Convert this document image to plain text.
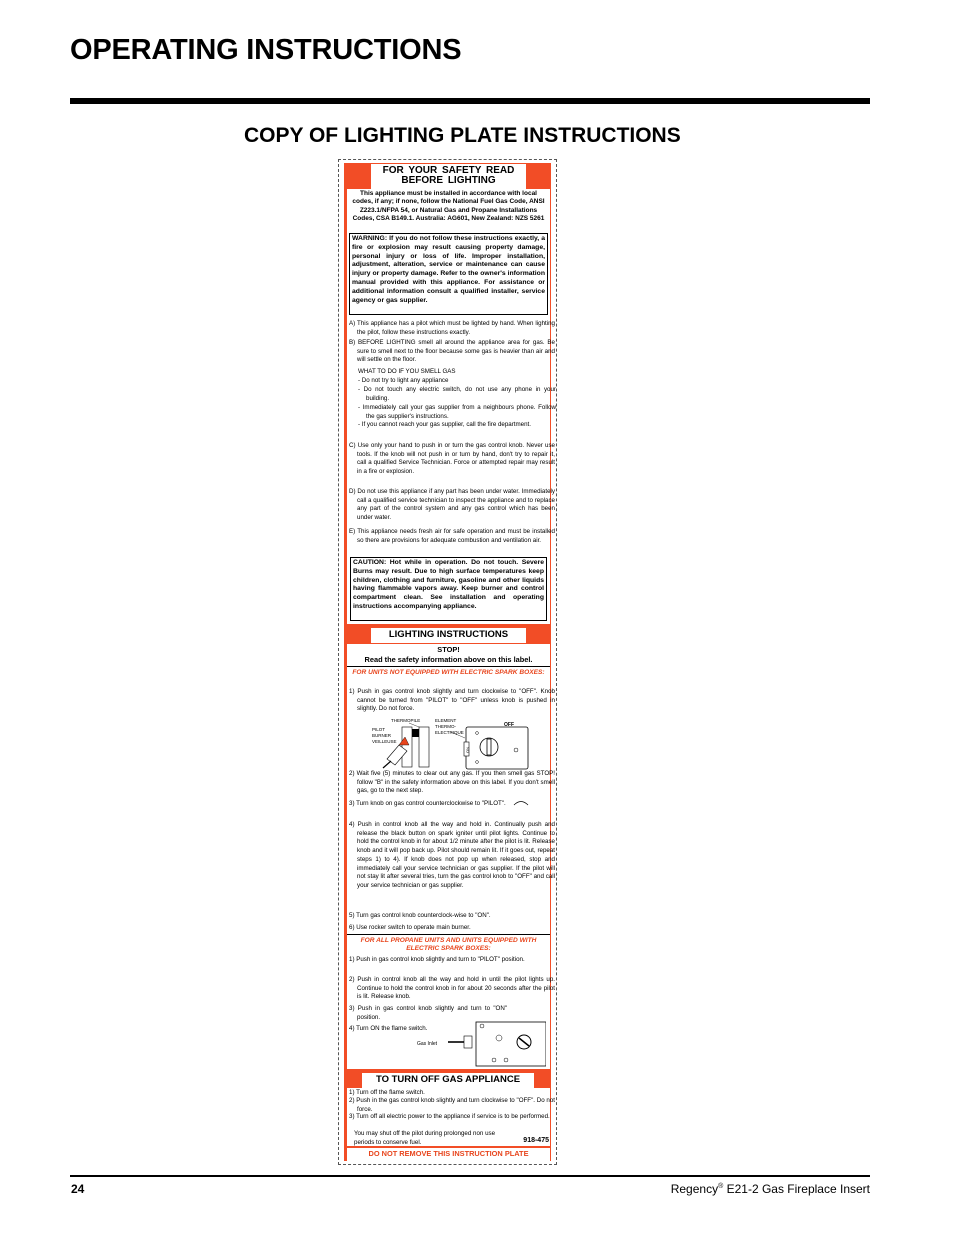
OPERATING INSTRUCTIONS
COPY OF LIGHTING PLATE INSTRUCTIONS
FOR YOUR SAFETY READ BEFORE LIGHTING
This appliance must be installed in accordance with local codes, if any; if none, follow the National Fuel Gas Code, ANSI Z223.1/NFPA 54, or Natural Gas and Propane Installations Codes, CSA B149.1. Australia: AG601, New Zealand: NZS 5261
WARNING: If you do not follow these instructions exactly, a fire or explosion may result causing property damage, personal injury or loss of life. Improper installation, adjustment, alteration, service or maintenance can cause injury or property damage. Refer to the owner's information manual provided with this appliance. For assistance or additional information consult a qualified installer, service agency or gas supplier.
A) This appliance has a pilot which must be lighted by hand. When lighting the pilot, follow these instructions exactly.
B) BEFORE LIGHTING smell all around the appliance area for gas. Be sure to smell next to the floor because some gas is heavier than air and will settle on the floor.
WHAT TO DO IF YOU SMELL GAS
- Do not try to light any appliance
- Do not touch any electric switch, do not use any phone in your building.
- Immediately call your gas supplier from a neighbours phone. Follow the gas supplier's instructions.
- If you cannot reach your gas supplier, call the fire department.
C) Use only your hand to push in or turn the gas control knob. Never use tools. If the knob will not push in or turn by hand, don't try to repair it, call a qualified Service Technician. Force or attempted repair may result in a fire or explosion.
D) Do not use this appliance if any part has been under water. Immediately call a qualified service technician to inspect the appliance and to replace any part of the control system and any gas control which has been under water.
E) This appliance needs fresh air for safe operation and must be installed so there are provisions for adequate combustion and ventilation air.
CAUTION: Hot while in operation. Do not touch. Severe Burns may result. Due to high surface temperatures keep children, clothing and furniture, gasoline and other liquids having flammable vapors away. Keep burner and control compartment clean. See installation and operating instructions accompanying appliance.
LIGHTING INSTRUCTIONS
STOP!
Read the safety information above on this label.
FOR UNITS NOT EQUIPPED WITH ELECTRIC SPARK BOXES:
1) Push in gas control knob slightly and turn clockwise to "OFF". Knob cannot be turned from "PILOT" to "OFF" unless knob is pushed in slightly. Do not force.
THERMOPILE
PILOT
BURNER
VEILLEUSE
ELEMENT
THERMO-
ELECTRIQUE
OFF
ON
2) Wait five (5) minutes to clear out any gas. If you then smell gas STOP! follow "B" in the safety information above on this label. If you don't smell gas, go to the next step.
3) Turn knob on gas control counterclockwise to "PILOT".
4) Push in control knob all the way and hold in. Continually push and release the black button on spark igniter until pilot lights. Continue to hold the control knob in for about 1/2 minute after the pilot is lit. Release knob and it will pop back up. Pilot should remain lit. If it goes out, repeat steps 1) to 4). If knob does not pop up when released, stop and immediately call your service technician or gas supplier. If the pilot will not stay lit after several tries, turn the gas control knob to "OFF" and call your service technician or gas supplier.
5) Turn gas control knob counterclock-wise to "ON".
6) Use rocker switch to operate main burner.
FOR ALL PROPANE UNITS AND UNITS EQUIPPED WITH ELECTRIC SPARK BOXES:
1) Push in gas control knob slightly and turn to "PILOT" position.
2) Push in control knob all the way and hold in until the pilot lights up. Continue to hold the control knob in for about 20 seconds after the pilot is lit. Release knob.
3) Push in gas control knob slightly and turn to "ON" position.
4) Turn ON the flame switch.
Gas Inlet
TO TURN OFF GAS APPLIANCE
1) Turn off the flame switch.
2) Push in the gas control knob slightly and turn clockwise to "OFF". Do not force.
3) Turn off all electric power to the appliance if service is to be performed.
You may shut off the pilot during prolonged non use periods to conserve fuel.	918-475
DO NOT REMOVE THIS INSTRUCTION PLATE
24	Regency® E21-2 Gas Fireplace Insert
